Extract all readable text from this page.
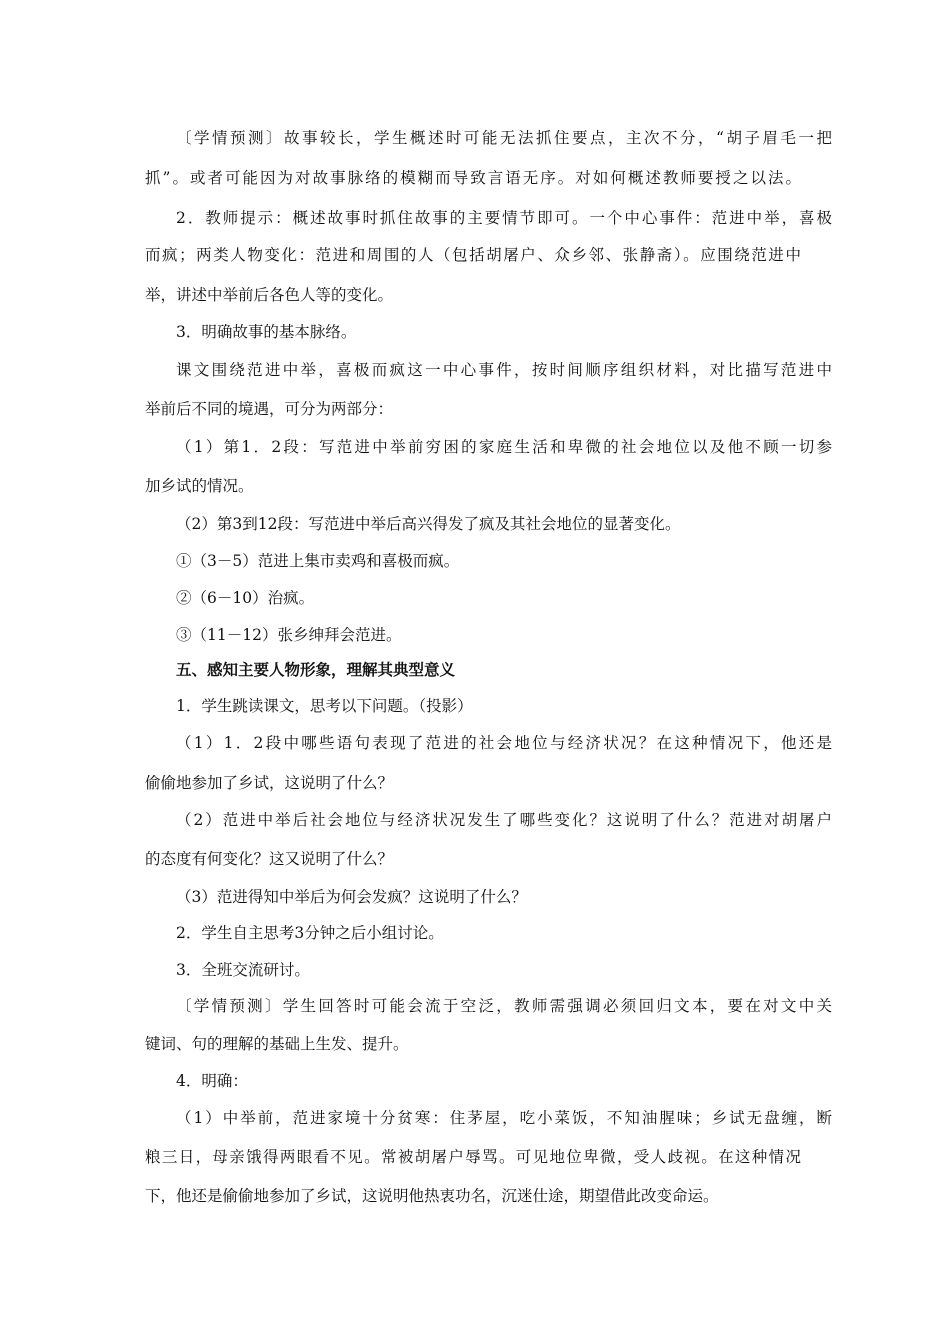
〔学情预测〕故事较长，学生概述时可能无法抓住要点，主次不分，“胡子眉毛一把
抓”。或者可能因为对故事脉络的模糊而导致言语无序。对如何概述教师要授之以法。
2．教师提示：概述故事时抓住故事的主要情节即可。一个中心事件：范进中举，喜极
而疯；两类人物变化：范进和周围的人（包括胡屠户、众乡邻、张静斋）。应围绕范进中
举，讲述中举前后各色人等的变化。
3．明确故事的基本脉络。
课文围绕范进中举，喜极而疯这一中心事件，按时间顺序组织材料，对比描写范进中
举前后不同的境遇，可分为两部分：
（1）第1．2段：写范进中举前穷困的家庭生活和卑微的社会地位以及他不顾一切参
加乡试的情况。
（2）第3到12段：写范进中举后高兴得发了疯及其社会地位的显著变化。
①（3－5）范进上集市卖鸡和喜极而疯。
②（6－10）治疯。
③（11－12）张乡绅拜会范进。
五、感知主要人物形象，理解其典型意义
1．学生跳读课文，思考以下问题。（投影）
（1）1．2段中哪些语句表现了范进的社会地位与经济状况？在这种情况下，他还是
偷偷地参加了乡试，这说明了什么？
（2）范进中举后社会地位与经济状况发生了哪些变化？这说明了什么？范进对胡屠户
的态度有何变化？这又说明了什么？
（3）范进得知中举后为何会发疯？这说明了什么？
2．学生自主思考3分钟之后小组讨论。
3．全班交流研讨。
〔学情预测〕学生回答时可能会流于空泛，教师需强调必须回归文本，要在对文中关
键词、句的理解的基础上生发、提升。
4．明确：
（1）中举前，范进家境十分贫寒：住茅屋，吃小菜饭，不知油腥味；乡试无盘缠，断
粮三日，母亲饿得两眼看不见。常被胡屠户辱骂。可见地位卑微，受人歧视。在这种情况
下，他还是偷偷地参加了乡试，这说明他热衷功名，沉迷仕途，期望借此改变命运。
